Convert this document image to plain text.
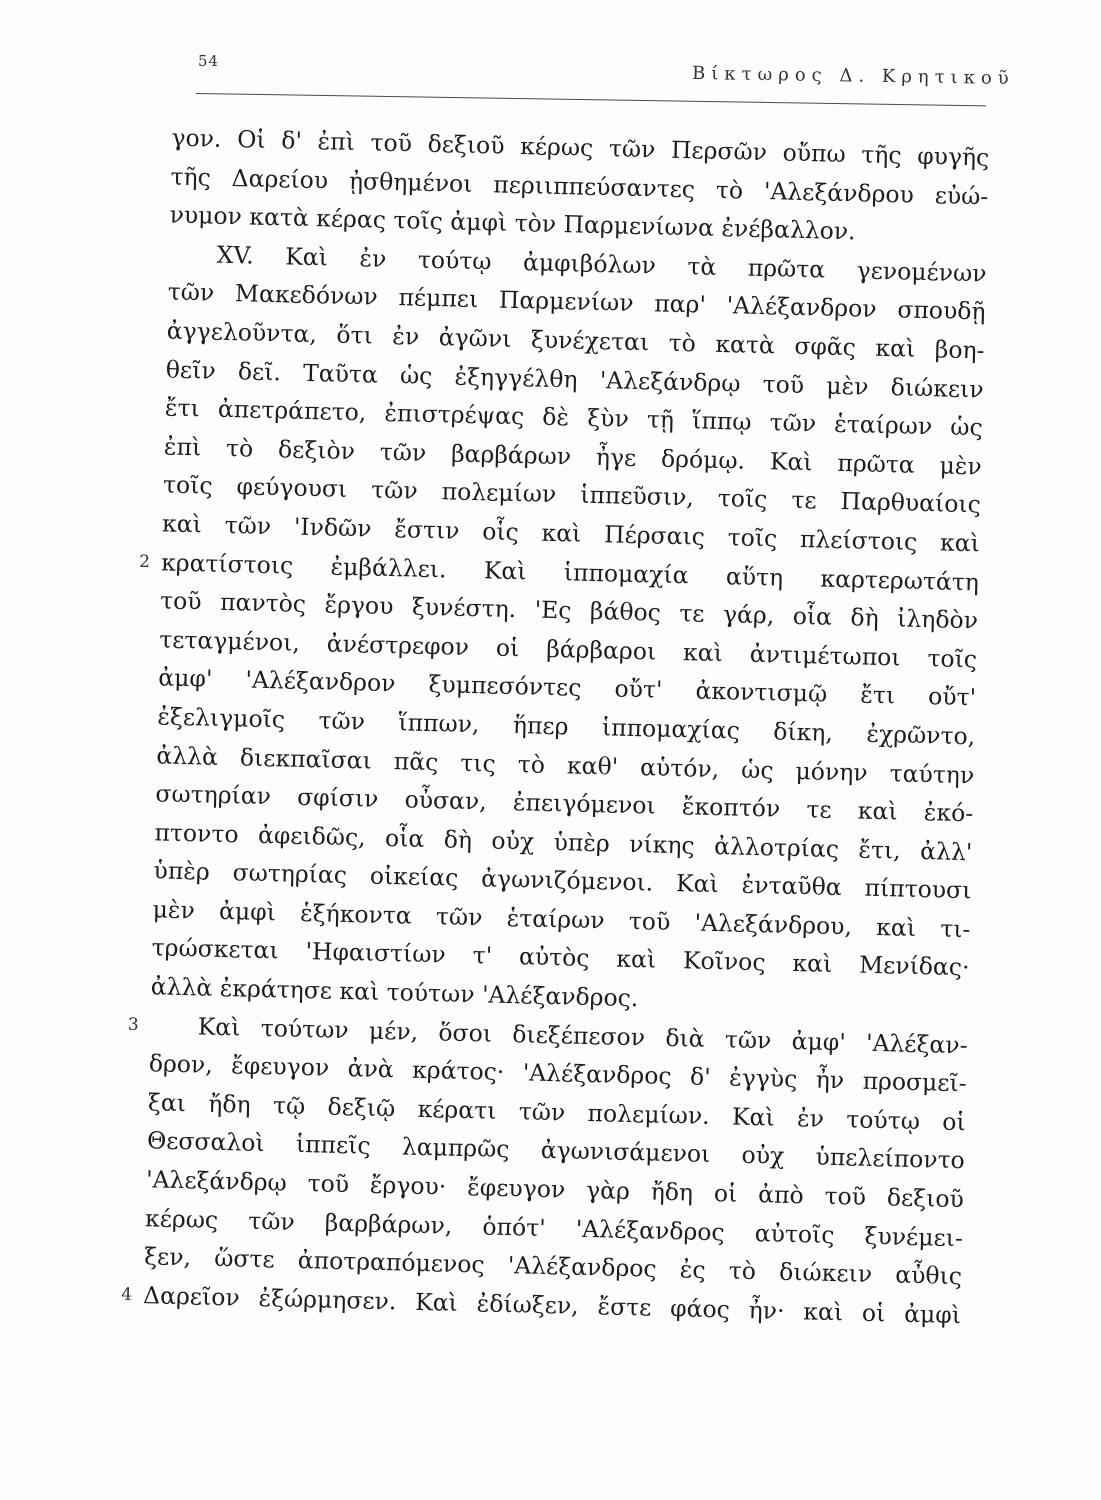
54
Βίκτωρος Δ. Κρητικοῦ
γον. Οἱ δ' ἐπὶ τοῦ δεξιοῦ κέρως τῶν Περσῶν οὔπω τῆς φυγῆς
τῆς Δαρείου ᾐσθημένοι περιιππεύσαντες τὸ 'Αλεξάνδρου εὐώ-
νυμον κατὰ κέρας τοῖς ἀμφὶ τὸν Παρμενίωνα ἐνέβαλλον.
XV. Καὶ ἐν τούτῳ ἀμφιβόλων τὰ πρῶτα γενομένων
τῶν Μακεδόνων πέμπει Παρμενίων παρ' 'Αλέξανδρον σπουδῇ
ἀγγελοῦντα, ὅτι ἐν ἀγῶνι ξυνέχεται τὸ κατὰ σφᾶς καὶ βοη-
θεῖν δεῖ. Ταῦτα ὡς ἐξηγγέλθη 'Αλεξάνδρῳ τοῦ μὲν διώκειν
ἔτι ἀπετράπετο, ἐπιστρέψας δὲ ξὺν τῇ ἵππῳ τῶν ἑταίρων ὡς
ἐπὶ τὸ δεξιὸν τῶν βαρβάρων ἦγε δρόμῳ. Καὶ πρῶτα μὲν
τοῖς φεύγουσι τῶν πολεμίων ἱππεῦσιν, τοῖς τε Παρθυαίοις
καὶ τῶν 'Ινδῶν ἔστιν οἷς καὶ Πέρσαις τοῖς πλείστοις καὶ
2 κρατίστοις ἐμβάλλει. Καὶ ἱππομαχία αὕτη καρτερωτάτη
τοῦ παντὸς ἔργου ξυνέστη. 'Ες βάθος τε γάρ, οἷα δὴ ἰληδὸν
τεταγμένοι, ἀνέστρεφον οἱ βάρβαροι καὶ ἀντιμέτωποι τοῖς
ἀμφ' 'Αλέξανδρον ξυμπεσόντες οὔτ' ἀκοντισμῷ ἔτι οὔτ'
ἐξελιγμοῖς τῶν ἵππων, ἥπερ ἱππομαχίας δίκη, ἐχρῶντο,
ἀλλὰ διεκπαῖσαι πᾶς τις τὸ καθ' αὑτόν, ὡς μόνην ταύτην
σωτηρίαν σφίσιν οὖσαν, ἐπειγόμενοι ἔκοπτόν τε καὶ ἐκό-
πτοντο ἀφειδῶς, οἷα δὴ οὐχ ὑπὲρ νίκης ἀλλοτρίας ἔτι, ἀλλ'
ὑπὲρ σωτηρίας οἰκείας ἀγωνιζόμενοι. Καὶ ἐνταῦθα πίπτουσι
μὲν ἀμφὶ ἑξήκοντα τῶν ἑταίρων τοῦ 'Αλεξάνδρου, καὶ τι-
τρώσκεται 'Ηφαιστίων τ' αὐτὸς καὶ Κοῖνος καὶ Μενίδας·
ἀλλὰ ἐκράτησε καὶ τούτων 'Αλέξανδρος.
3	Καὶ τούτων μέν, ὅσοι διεξέπεσον διὰ τῶν ἀμφ' 'Αλέξαν-
δρον, ἔφευγον ἀνὰ κράτος· 'Αλέξανδρος δ' ἐγγὺς ἦν προσμεῖ-
ξαι ἤδη τῷ δεξιῷ κέρατι τῶν πολεμίων. Καὶ ἐν τούτῳ οἱ
Θεσσαλοὶ ἱππεῖς λαμπρῶς ἀγωνισάμενοι οὐχ ὑπελείποντο
'Αλεξάνδρῳ τοῦ ἔργου· ἔφευγον γὰρ ἤδη οἱ ἀπὸ τοῦ δεξιοῦ
κέρως τῶν βαρβάρων, ὁπότ' 'Αλέξανδρος αὐτοῖς ξυνέμει-
ξεν, ὥστε ἀποτραπόμενος 'Αλέξανδρος ἐς τὸ διώκειν αὖθις
4 Δαρεῖον ἐξώρμησεν. Καὶ ἐδίωξεν, ἔστε φάος ἦν· καὶ οἱ ἀμφὶ
